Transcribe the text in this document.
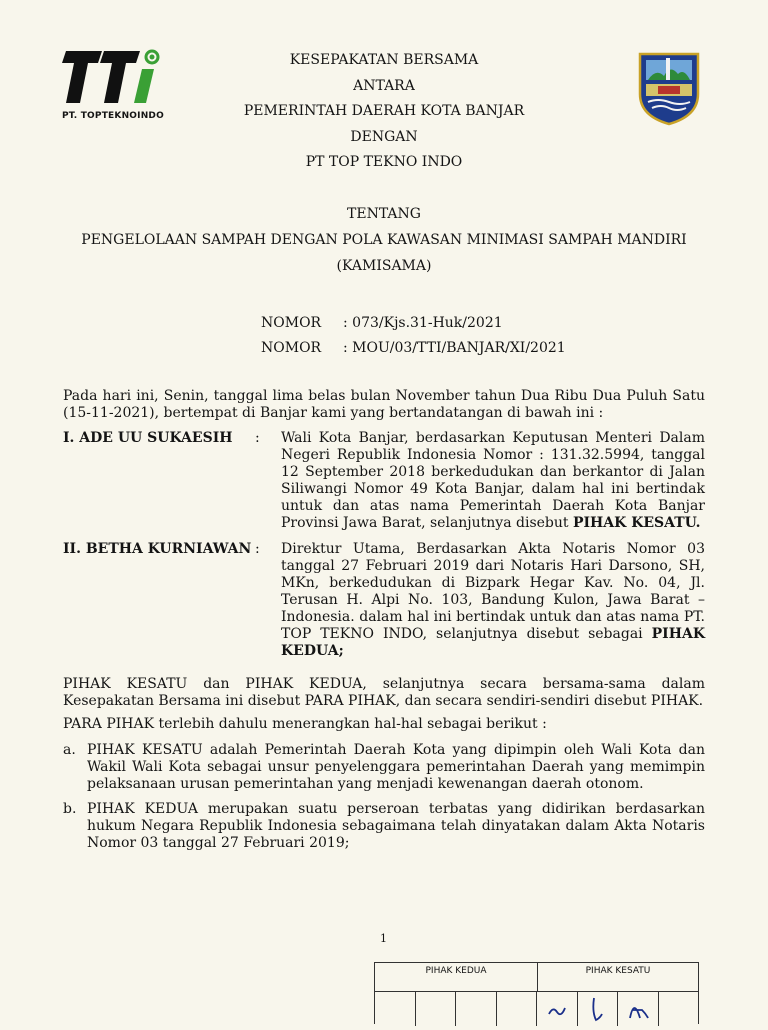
PT. TOPTEKNOINDO
KESEPAKATAN BERSAMA
ANTARA
PEMERINTAH DAERAH KOTA BANJAR
DENGAN
PT TOP TEKNO INDO
TENTANG
PENGELOLAAN SAMPAH DENGAN POLA KAWASAN MINIMASI SAMPAH MANDIRI
(KAMISAMA)
NOMOR : 073/Kjs.31-Huk/2021
NOMOR : MOU/03/TTI/BANJAR/XI/2021
Pada hari ini, Senin, tanggal lima belas bulan November tahun Dua Ribu Dua Puluh Satu (15-11-2021), bertempat di Banjar kami yang bertandatangan di bawah ini :
I. ADE UU SUKAESIH : Wali Kota Banjar, berdasarkan Keputusan Menteri Dalam Negeri Republik Indonesia Nomor : 131.32.5994, tanggal 12 September 2018 berkedudukan dan berkantor di Jalan Siliwangi Nomor 49 Kota Banjar, dalam hal ini bertindak untuk dan atas nama Pemerintah Daerah Kota Banjar Provinsi Jawa Barat, selanjutnya disebut PIHAK KESATU.
II. BETHA KURNIAWAN : Direktur Utama, Berdasarkan Akta Notaris Nomor 03 tanggal 27 Februari 2019 dari Notaris Hari Darsono, SH, MKn, berkedudukan di Bizpark Hegar Kav. No. 04, Jl. Terusan H. Alpi No. 103, Bandung Kulon, Jawa Barat – Indonesia. dalam hal ini bertindak untuk dan atas nama PT. TOP TEKNO INDO, selanjutnya disebut sebagai PIHAK KEDUA;
PIHAK KESATU dan PIHAK KEDUA, selanjutnya secara bersama-sama dalam Kesepakatan Bersama ini disebut PARA PIHAK, dan secara sendiri-sendiri disebut PIHAK.
PARA PIHAK terlebih dahulu menerangkan hal-hal sebagai berikut :
a. PIHAK KESATU adalah Pemerintah Daerah Kota yang dipimpin oleh Wali Kota dan Wakil Wali Kota sebagai unsur penyelenggara pemerintahan Daerah yang memimpin pelaksanaan urusan pemerintahan yang menjadi kewenangan daerah otonom.
b. PIHAK KEDUA merupakan suatu perseroan terbatas yang didirikan berdasarkan hukum Negara Republik Indonesia sebagaimana telah dinyatakan dalam Akta Notaris Nomor 03 tanggal 27 Februari 2019;
1
PIHAK KEDUA	PIHAK KESATU
